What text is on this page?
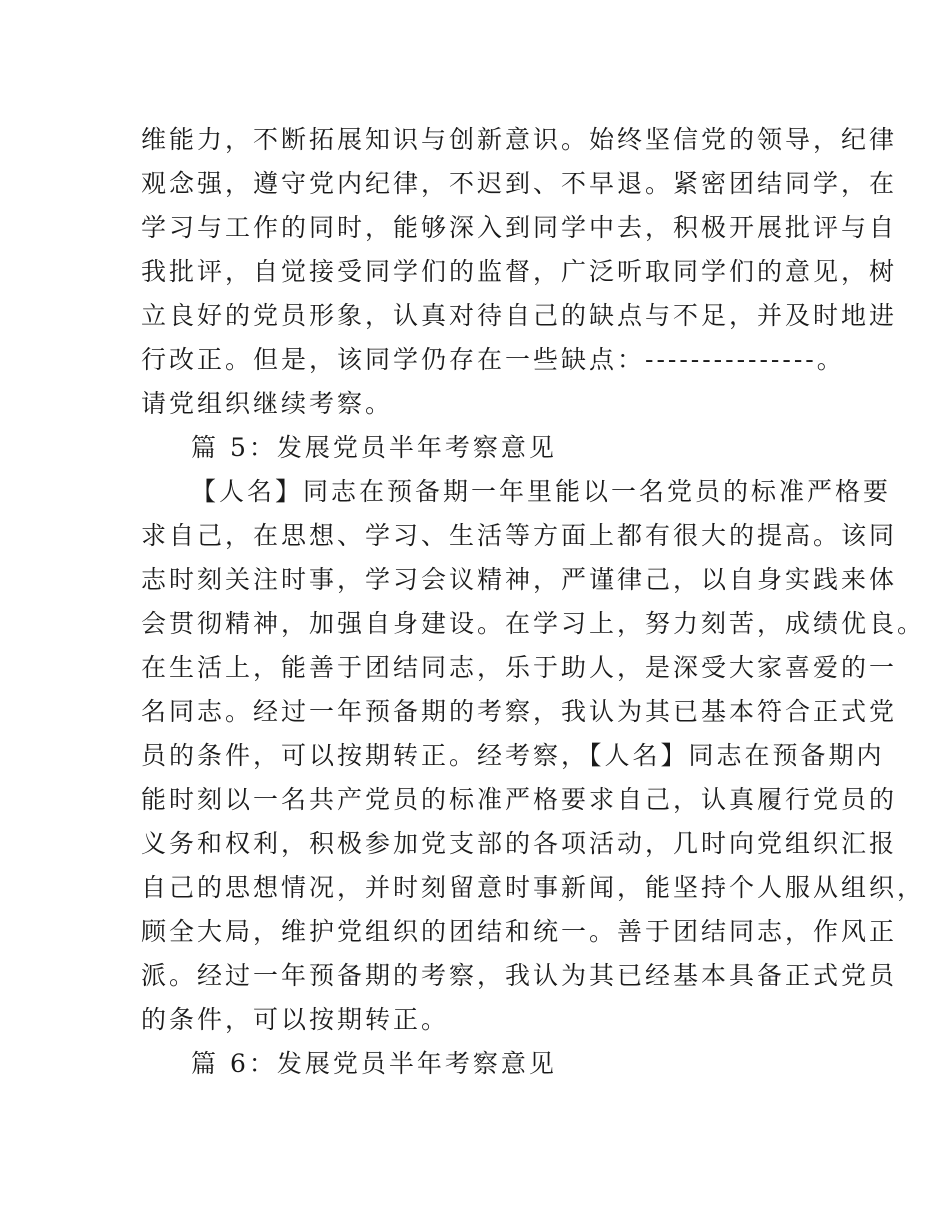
维能力，不断拓展知识与创新意识。始终坚信党的领导，纪律
观念强，遵守党内纪律，不迟到、不早退。紧密团结同学，在
学习与工作的同时，能够深入到同学中去，积极开展批评与自
我批评，自觉接受同学们的监督，广泛听取同学们的意见，树
立良好的党员形象，认真对待自己的缺点与不足，并及时地进
行改正。但是，该同学仍存在一些缺点：---------------。
请党组织继续考察。
篇 5：发展党员半年考察意见
【人名】同志在预备期一年里能以一名党员的标准严格要
求自己，在思想、学习、生活等方面上都有很大的提高。该同
志时刻关注时事，学习会议精神，严谨律己，以自身实践来体
会贯彻精神，加强自身建设。在学习上，努力刻苦，成绩优良。
在生活上，能善于团结同志，乐于助人，是深受大家喜爱的一
名同志。经过一年预备期的考察，我认为其已基本符合正式党
员的条件，可以按期转正。经考察，【人名】同志在预备期内
能时刻以一名共产党员的标准严格要求自己，认真履行党员的
义务和权利，积极参加党支部的各项活动，几时向党组织汇报
自己的思想情况，并时刻留意时事新闻，能坚持个人服从组织，
顾全大局，维护党组织的团结和统一。善于团结同志，作风正
派。经过一年预备期的考察，我认为其已经基本具备正式党员
的条件，可以按期转正。
篇 6：发展党员半年考察意见
